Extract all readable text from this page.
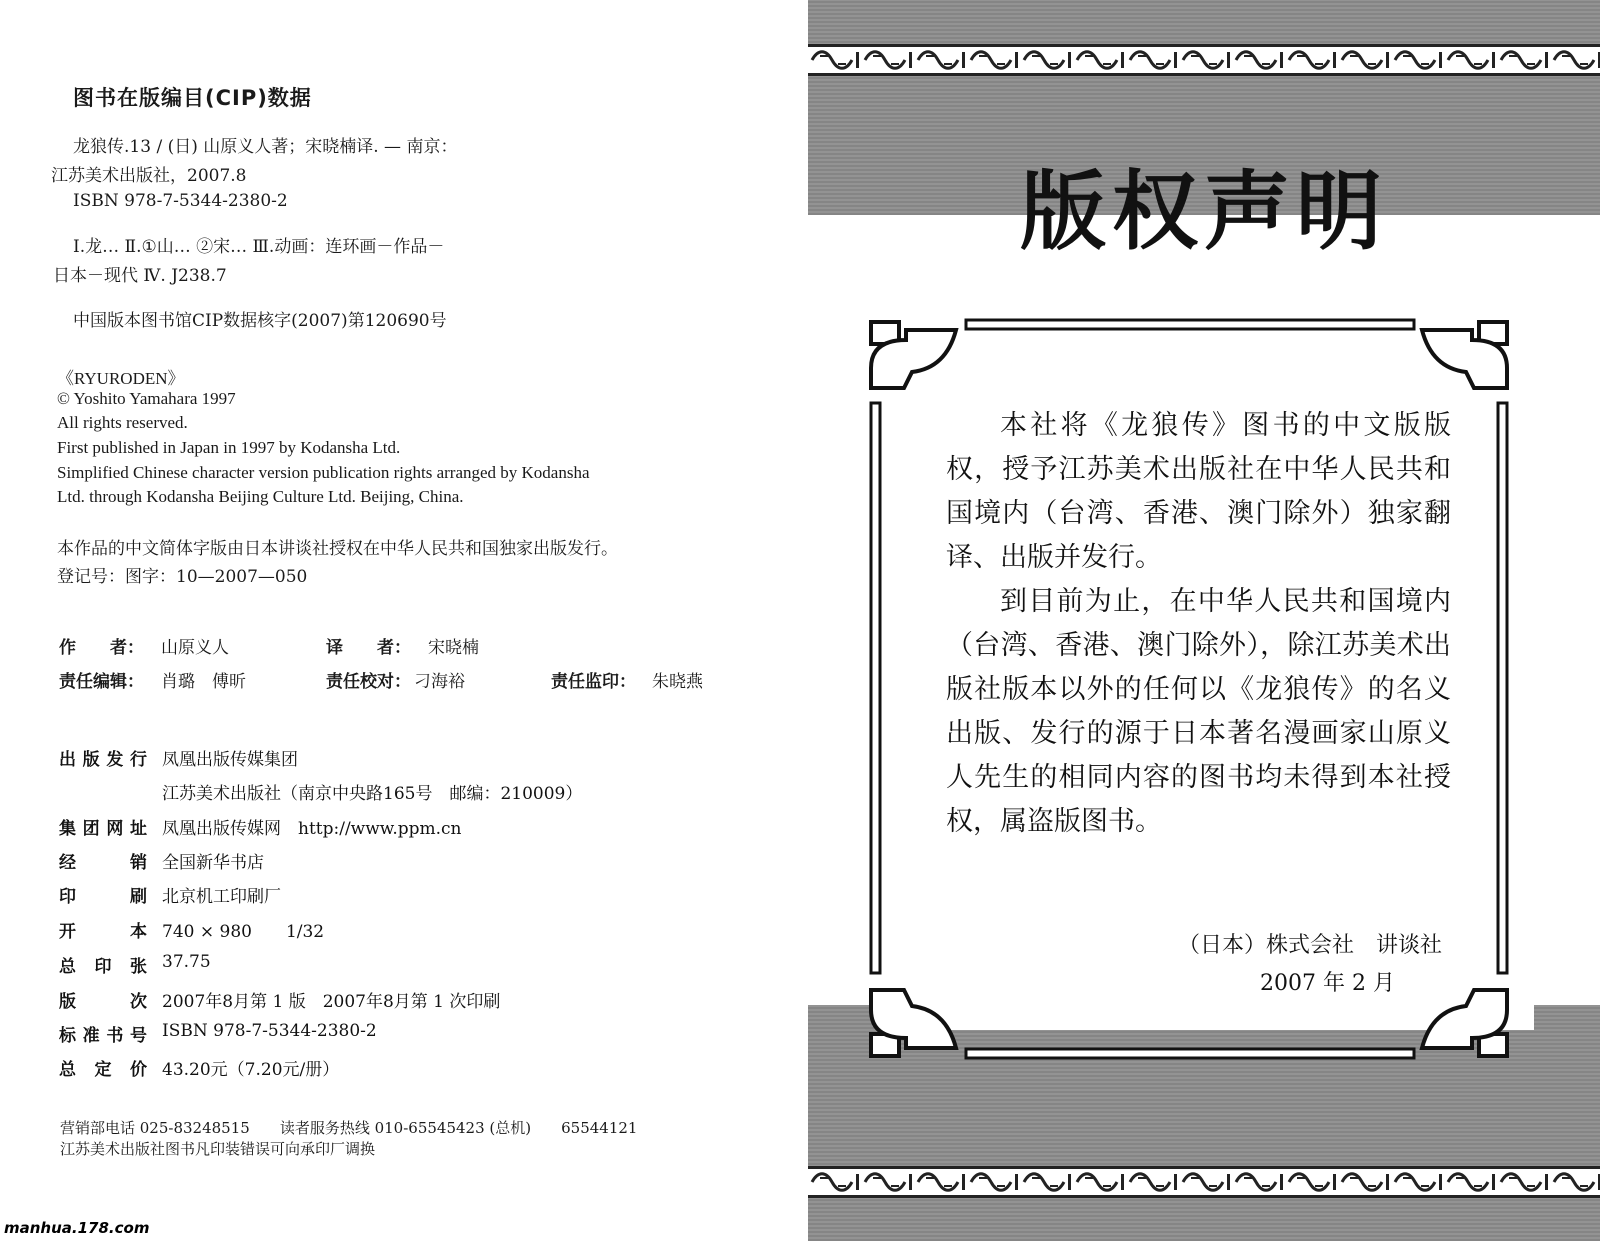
图书在版编目(CIP)数据
龙狼传.13 / (日) 山原义人著；宋晓楠译. — 南京：
江苏美术出版社，2007.8
ISBN 978-7-5344-2380-2
Ⅰ.龙… Ⅱ.①山… ②宋… Ⅲ.动画：连环画－作品－
日本－现代 Ⅳ. J238.7
中国版本图书馆CIP数据核字(2007)第120690号
《RYURODEN》
© Yoshito Yamahara 1997
All rights reserved.
First published in Japan in 1997 by Kodansha Ltd.
Simplified Chinese character version publication rights arranged by Kodansha
Ltd. through Kodansha Beijing Culture Ltd. Beijing, China.
本作品的中文简体字版由日本讲谈社授权在中华人民共和国独家出版发行。
登记号：图字：10—2007—050
作　　者： 山原义人	译　　者： 宋晓楠
责任编辑： 肖璐　傅昕	责任校对： 刁海裕	责任监印： 朱晓燕
出 版 发 行 凤凰出版传媒集团
江苏美术出版社（南京中央路165号　邮编：210009）
集 团 网 址 凤凰出版传媒网　http://www.ppm.cn
经	销 全国新华书店
印	刷 北京机工印刷厂
开	本 740 × 980　　1/32
总 印 张 37.75
版	次 2007年8月第 1 版　2007年8月第 1 次印刷
标 准 书 号 ISBN 978-7-5344-2380-2
总 定 价 43.20元（7.20元/册）
营销部电话 025-83248515　　读者服务热线 010-65545423 (总机)　　65544121
江苏美术出版社图书凡印装错误可向承印厂调换
manhua.178.com
版权声明

本社将《龙狼传》图书的中文版版权，授予江苏美术出版社在中华人民共和国境内（台湾、香港、澳门除外）独家翻译、出版并发行。

到目前为止，在中华人民共和国境内（台湾、香港、澳门除外），除江苏美术出版社版本以外的任何以《龙狼传》的名义出版、发行的源于日本著名漫画家山原义人先生的相同内容的图书均未得到本社授权，属盗版图书。

（日本）株式会社　讲谈社
2007 年 2 月
